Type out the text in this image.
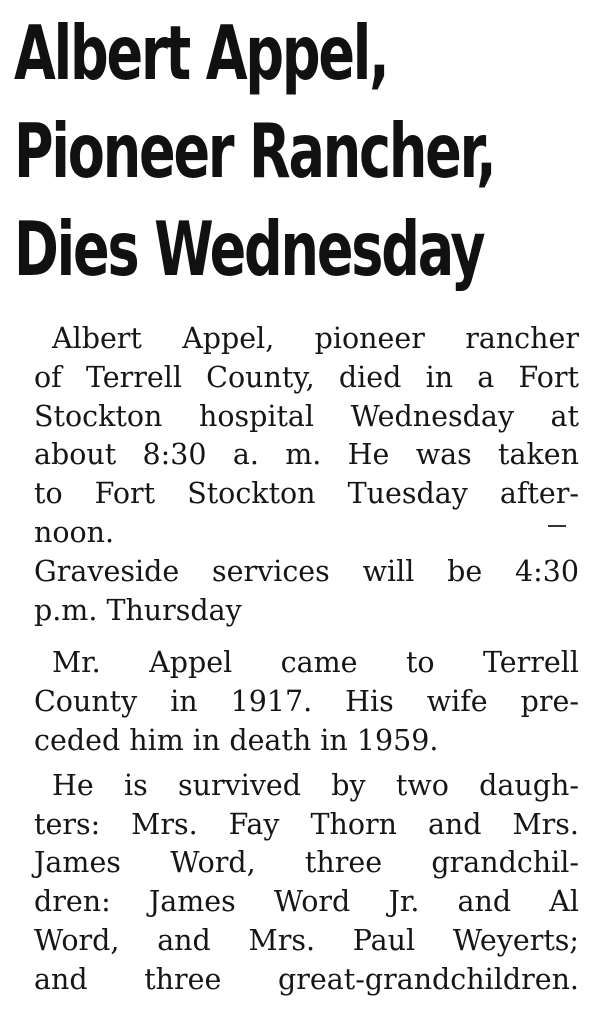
Albert Appel,
Pioneer Rancher,
Dies Wednesday
Albert Appel, pioneer rancher
of Terrell County, died in a Fort
Stockton hospital Wednesday at
about 8:30 a. m. He was taken
to Fort Stockton Tuesday after-
noon.
Graveside services will be 4:30
p.m. Thursday
Mr. Appel came to Terrell
County in 1917. His wife pre-
ceded him in death in 1959.
He is survived by two daugh-
ters: Mrs. Fay Thorn and Mrs.
James Word, three grandchil-
dren: James Word Jr. and Al
Word, and Mrs. Paul Weyerts;
and three great-grandchildren.
